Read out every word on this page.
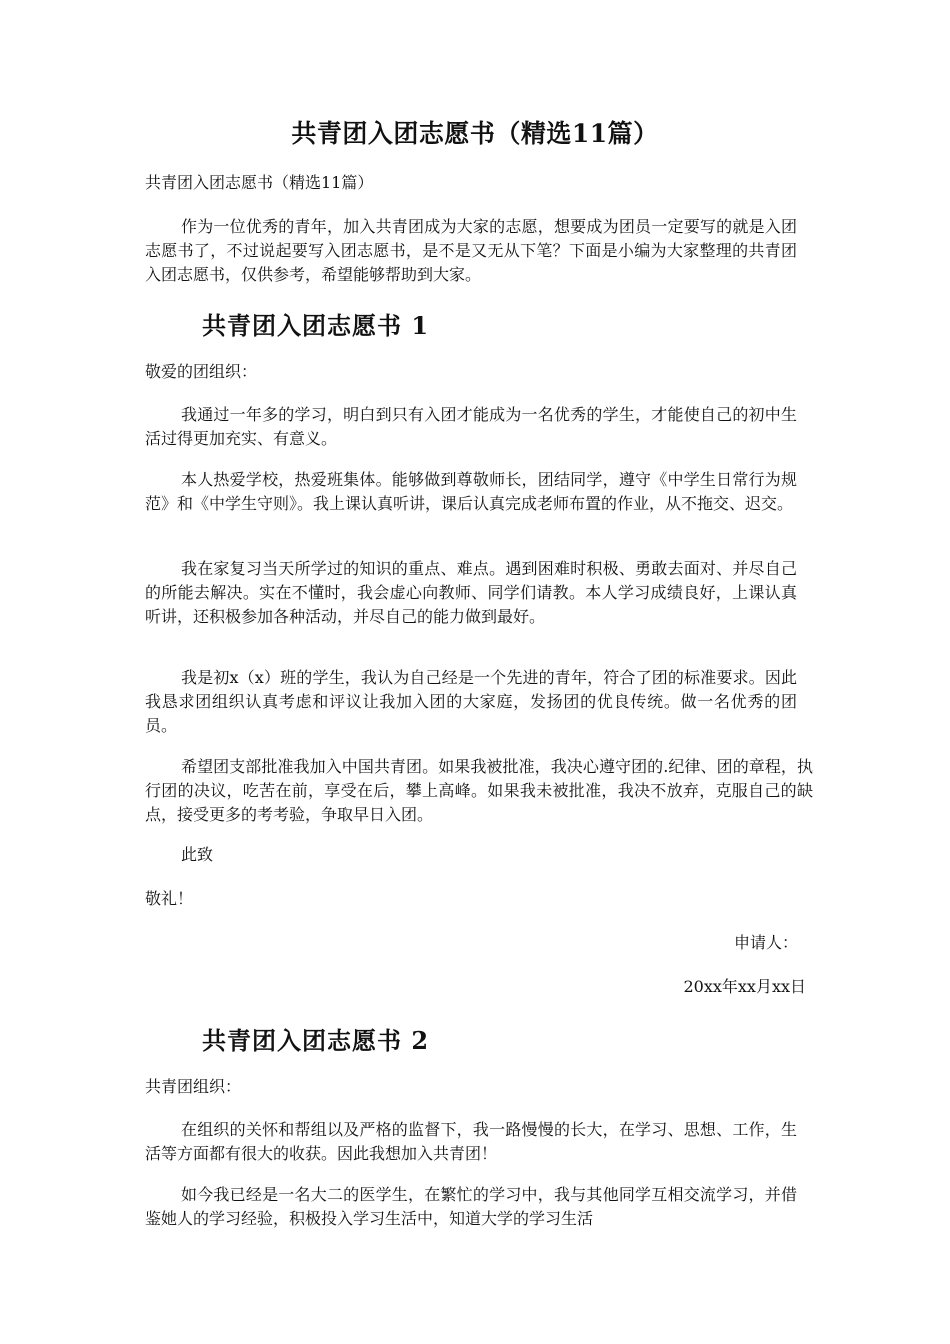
共青团入团志愿书（精选11篇）

共青团入团志愿书（精选11篇）

作为一位优秀的青年，加入共青团成为大家的志愿，想要成为团员一定要写的就是入团志愿书了，不过说起要写入团志愿书，是不是又无从下笔？下面是小编为大家整理的共青团入团志愿书，仅供参考，希望能够帮助到大家。

共青团入团志愿书 1

敬爱的团组织：

我通过一年多的学习，明白到只有入团才能成为一名优秀的学生，才能使自己的初中生活过得更加充实、有意义。

本人热爱学校，热爱班集体。能够做到尊敬师长，团结同学，遵守《中学生日常行为规范》和《中学生守则》。我上课认真听讲，课后认真完成老师布置的作业，从不拖交、迟交。

我在家复习当天所学过的知识的重点、难点。遇到困难时积极、勇敢去面对、并尽自己的所能去解决。实在不懂时，我会虚心向教师、同学们请教。本人学习成绩良好，上课认真听讲，还积极参加各种活动，并尽自己的能力做到最好。

我是初x（x）班的学生，我认为自己经是一个先进的青年，符合了团的标准要求。因此我恳求团组织认真考虑和评议让我加入团的大家庭，发扬团的优良传统。做一名优秀的团员。

希望团支部批准我加入中国共青团。如果我被批准，我决心遵守团的.纪律、团的章程，执行团的决议，吃苦在前，享受在后，攀上高峰。如果我未被批准，我决不放弃，克服自己的缺点，接受更多的考考验，争取早日入团。

此致

敬礼！

申请人：

20xx年xx月xx日

共青团入团志愿书 2

共青团组织：

在组织的关怀和帮组以及严格的监督下，我一路慢慢的长大，在学习、思想、工作，生活等方面都有很大的收获。因此我想加入共青团！

如今我已经是一名大二的医学生，在繁忙的学习中，我与其他同学互相交流学习，并借鉴她人的学习经验，积极投入学习生活中，知道大学的学习生活
